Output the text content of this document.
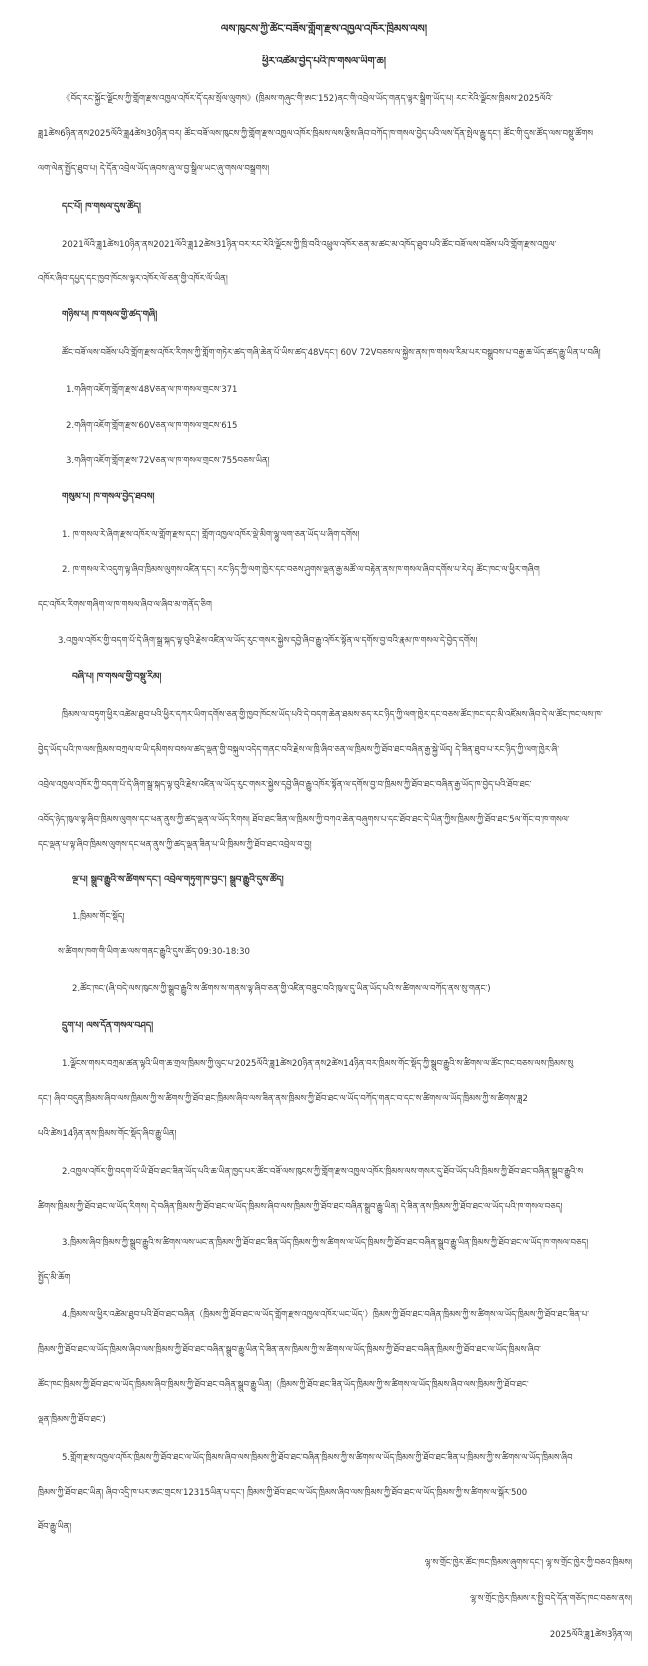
ལས་ཁུངས་ཀྱི་ཚོང་བཟོས་གློག་རྫས་འཁྱལ་འཁོར་ཁྲིམས་ལས།
ཕྱིར་འཚེམ་བྱེད་པའི་ཁ་གསལ་ཡིག་ཆ།
《བོད་རང་སྐྱོང་ལྗོངས་ཀྱི་གློག་རྫས་འཁྱལ་འཁོར་དོ་དམ་སྲོལ་ལུགས》(ཁྲིམས་གཞུང་གི་ཨང་152)ནང་གི་འབྲེལ་ཡོད་གནད་ལྟར་སྒྲིག་ཡོད་པ། རང་རེའི་ལྗོངས་ཁྲིམས་2025ལོའི་
ཟླ1ཚེས6ཉིན་ནས2025ལོའི་ཟླ4ཚེས30ཉིན་བར། ཚོང་བཟོ་ལས་ཁུངས་ཀྱི་གློག་རྫས་འཁྱལ་འཁོར་ཁྲིམས་ལས་རྩིས་ཞིབ་བཀོད་ཁ་གསལ་བྱེད་པའི་ལས་དོན་སྤེལ་རྒྱུ་དང༌། ཚོང་གི་དུས་ཚོད་ལས་བསྡུ་ཚོགས
ལག་ལེན་སྤྱོད་ཐུབ་པ། དེ་དོན་འབྲེལ་ཡོད་ཞབས་ཞུ་ལ་བྱ་སྒྲིལ་ཡང་ཞུ་གསལ་བསྒྲགས།
དང་པོ། ཁ་གསལ་དུས་ཚོད།
2021ལོའི་ཟླ1ཚེས10ཉིན་ནས2021ལོའི་ཟླ12ཚེས31ཉིན་བར་རང་རེའི་ལྗོངས་ཀྱི་ཁྲི་བའི་འཕྲུལ་འཁོར་ཅན་མ་ཚང་མ་འཁོད་ཐུབ་པའི་ཚོང་བཟོ་ལས་བཟོས་པའི་གློག་རྫས་འཁྱལ་
འཁོར་ཞིབ་དཔྱད་དང་ཁྱབ་ཁོངས་ལྟར་འཁོར་ལོ་ཅན་གྱི་འཁོར་ལོ་ཡིན།
གཉིས་པ། ཁ་གསལ་གྱི་ཚད་གཞི།
ཚོང་བཟོ་ལས་བཟོས་པའི་གློག་རྫས་འཁོར་རིགས་ཀྱི་གློག་གཏེར་ཚད་གཞི་ཆེན་པོ་ཡིས་ཚད་48Vདང༌། 60V 72Vབཅས་ལ་སྐྱེས་ནས་ཁ་གསལ་རིམ་པར་བསྒྲུབས་པ་བརྒྱ་ཆ་ཡོད་ཚད་རྒྱུ་ཡིན་པ་བཞི།
1.གཞིག་འཇོག་གློག་རྫས་48Vཅན་ལ་ཁ་གསལ་གྲངས་371
2.གཞིག་འཇོག་གློག་རྫས་60Vཅན་ལ་ཁ་གསལ་གྲངས་615
3.གཞིག་འཇོག་གློག་རྫས་72Vཅན་ལ་ཁ་གསལ་གྲངས་755བཅས་ཡིན།
གསུམ་པ། ཁ་གསལ་བྱེད་ཐབས།
1. ཁ་གསལ་རེ་ཞིག་རྫས་འཁོར་ལ་གློག་རྫས་དང་། གློག་འཁྱལ་འཁོར་ལྡེ་མིག་ལྷུ་ལག་ཅན་ཡོད་པ་ཞིག་དགོས།
2. ཁ་གསལ་རེ་འདུག་ལྟ་ཞིབ་ཁྲིམས་ལུགས་འཛིན་དང་། རང་ཉིད་ཀྱི་ལག་ཁྱེར་དང་བཅས་ཤུགས་ལྡན་རྒྱ་མཚོ་ལ་བརྟེན་ནས་ཁ་གསལ་ཞིབ་དགོས་པ་རེད། ཚོང་ཁང་ལ་ཕྱིར་གཞིག
དང་འཁོར་རིགས་གཞིག་ལ་ཁ་གསལ་ཞིབ་ལ་ཞིབ་མ་གནོད་ཅིག
3.འཁྱལ་འཁོར་གྱི་བདག་པོ་དེ་ཞིག་སྒྲ་སྐད་ལྟ་བུའི་རྗེས་འཛིན་ལ་ཡོད་རུང་གསར་སྐྱེས་དབྱེ་ཞིབ་རྒྱུ་འཁོར་སྟོན་ལ་དགོས་བྱ་བའི་རྣམ་ཁ་གསལ་དེ་བྱེད་དགོས།
བཞི་པ། ཁ་གསལ་གྱི་བསྡུ་རིམ།
ཁྲིམས་ལ་བཏུག་ཕྱིར་འཚེམ་ཐུབ་པའི་ཕྱིར་དཀར་ཡིག་དགོས་ཅན་གྱི་ཁྱབ་ཁོངས་ཡོད་པའི་དེ་བདག་ཆེན་ཐམས་ཅད་རང་ཉིད་ཀྱི་ལག་ཁྱེར་དང་བཅས་ཚོང་ཁང་དང་མི་འཛོམས་ཞིབ་དེ་ལ་ཚོང་ཁང་ལས་ཁ་
བྱེད་ཡོད་པའི་ཁ་ལས་ཁྲིམས་བཀྲལ་བ་ཡི་དམིགས་བསལ་ཚད་ལྡན་གྱི་བསྐུལ་འདེད་གནང་བའི་རྗེས་ལ་ཁྲི་ཞིབ་ཅན་ལ་ཁྲིམས་ཀྱི་ཐོབ་ཐང་བཞིན་རྒྱ་སྐྱེ་ཡོད། དེ་ཟིན་ཐུབ་པ་རང་ཉིད་ཀྱི་ལག་ཁྱེར་ཞི་
འབྲེལ་འཁྱལ་འཁོར་ཀྱི་བདག་པོ་དེ་ཞིག་སྒྲ་སྐད་ལྟ་བུའི་རྗེས་འཛིན་ལ་ཡོད་རུང་གསར་སྐྱེས་དབྱེ་ཞིབ་རྒྱུ་འཁོར་སྟོན་ལ་དགོས་བྱ་བ་ཁྲིམས་ཀྱི་ཐོབ་ཐང་བཞིན་རྒྱ་ཡོད་ཁ་བྱེད་པའི་ཐོབ་ཐང་
འབོད་ཉེད་ཁུལ་ལྟ་ཞིབ་ཁྲིམས་ལུགས་དང་ཕན་ནུས་ཀྱི་ཚད་ལྡན་ལ་ཡོད་རིགས། ཐོབ་ཐང་ཟིན་ལ་ཁྲིམས་ཀྱི་བཀའ་ཆེན་བཞུགས་པ་དང་ཐོབ་ཐང་དེ་ཡིན་ཀྱིས་ཁྲིམས་ཀྱི་ཐོབ་ཐང་5ལ་གོང་བ་ཁ་གསལ་
དང་ལྡན་པ་ལྟ་ཞིབ་ཁྲིམས་ལུགས་དང་ཕན་ནུས་ཀྱི་ཚད་ལྡན་ཟིན་པ་ཡི་ཁྲིམས་ཀྱི་ཐོབ་ཐང་འབྲེལ་བ་བྱ།
ལྔ་པ། སྒྲུབ་རྒྱུའི་ས་ཚིགས་དང་། འབྲེལ་གཏུག་ཁ་བྱང་། སྒྲུབ་རྒྱུའི་དུས་ཚོད།
1.ཁྲིམས་གོང་སྡོད།
ས་ཚིགས་ཁག་གི་ཡིག་ཆ་ལས་གནང་རྒྱུའི་དུས་ཚོད་09:30-18:30
2.ཚོང་ཁང་(ཞི་བདེ་ལས་ཁུངས་ཀྱི་སྒྲུབ་རྒྱུའི་ས་ཚིགས་ས་གནས་ལྟ་ཞིབ་ཅན་གྱི་འཛིན་བཟུང་བའི་ཁུལ་དུ་ཡིན་ཡོད་པའི་ས་ཚིགས་ལ་བཀོད་ནས་སུ་གནང་)
དྲུག་པ། ལས་དོན་གསལ་བཤད།
1.ལྗོངས་གསར་བཀྲམ་ཚན་ལྟའི་ཡིག་ཆ་གྲལ་ཁྲིམས་ཀྱི་ལུང་པ་2025ལོའི་ཟླ1ཚེས20ཉིན་ནས2ཚེས14ཉིན་བར་ཁྲིམས་གོང་སྡོད་ཀྱི་སྒྲུབ་རྒྱུའི་ས་ཚིགས་ལ་ཚོང་ཁང་བཅས་ལས་ཁྲིམས་སུ
དང༌། ཞིབ་བདུན་ཁྲིམས་ཞིབ་ལས་ཁྲིམས་ཀྱི་ས་ཚིགས་ཀྱི་ཐོབ་ཐང་ཁྲིམས་ཞིབ་ལས་ཟིན་ནས་ཁྲིམས་ཀྱི་ཐོབ་ཐང་ལ་ཡོད་བཀོད་གནང་བ་དང་ས་ཚིགས་ལ་ཡོད་ཁྲིམས་ཀྱི་ས་ཚིགས་ཟླ2
པའི་ཚེས14ཉིན་ནས་ཁྲིམས་གོང་སྡོད་ཞིབ་རྒྱུ་ཡིན།
2.འཁྱལ་འཁོར་གྱི་བདག་པོ་ཡི་ཐོབ་ཐང་ཟིན་ཡོད་པའི་ཆ་ཡིན་ཁྱད་པར་ཚོང་བཟོ་ལས་ཁུངས་ཀྱི་གློག་རྫས་འཁྱལ་འཁོར་ཁྲིམས་ལས་གསར་དུ་ཐོབ་ཡོད་པའི་ཁྲིམས་ཀྱི་ཐོབ་ཐང་བཞིན་སྒྲུབ་རྒྱུའི་ས
ཚིགས་ཁྲིམས་ཀྱི་ཐོབ་ཐང་ལ་ཡོད་རིགས། དེ་བཞིན་ཁྲིམས་ཀྱི་ཐོབ་ཐང་ལ་ཡོད་ཁྲིམས་ཞིབ་ལས་ཁྲིམས་ཀྱི་ཐོབ་ཐང་བཞིན་སྒྲུབ་རྒྱུ་ཡིན། དེ་ཟིན་ནས་ཁྲིམས་ཀྱི་ཐོབ་ཐང་ལ་ཡོད་པའི་ཁ་གསལ་བཅད།
3.ཁྲིམས་ཞིབ་ཁྲིམས་ཀྱི་སྒྲུབ་རྒྱུའི་ས་ཚིགས་ལས་ཡང་ན་ཁྲིམས་ཀྱི་ཐོབ་ཐང་ཟིན་ཡོད་ཁྲིམས་ཀྱི་ས་ཚིགས་ལ་ཡོད་ཁྲིམས་ཀྱི་ཐོབ་ཐང་བཞིན་སྒྲུབ་རྒྱུ་ཡིན་ཁྲིམས་ཀྱི་ཐོབ་ཐང་ལ་ཡོད་ཁ་གསལ་བཅད།
སྤྱོད་མི་ཆོག
4.ཁྲིམས་ལ་ཕྱིར་འཚེམ་ཐུབ་པའི་ཐོབ་ཐང་བཞིན（ཁྲིམས་ཀྱི་ཐོབ་ཐང་ལ་ཡོད་གློག་རྫས་འཁྱལ་འཁོར་ཡང་ཡོད་）ཁྲིམས་ཀྱི་ཐོབ་ཐང་བཞིན་ཁྲིམས་ཀྱི་ས་ཚིགས་ལ་ཡོད་ཁྲིམས་ཀྱི་ཐོབ་ཐང་ཟིན་པ་
ཁྲིམས་ཀྱི་ཐོབ་ཐང་ལ་ཡོད་ཁྲིམས་ཞིབ་ལས་ཁྲིམས་ཀྱི་ཐོབ་ཐང་བཞིན་སྒྲུབ་རྒྱུ་ཡིན་དེ་ཟིན་ནས་ཁྲིམས་ཀྱི་ས་ཚིགས་ལ་ཡོད་ཁྲིམས་ཀྱི་ཐོབ་ཐང་བཞིན་ཁྲིམས་ཀྱི་ཐོབ་ཐང་ལ་ཡོད་ཁྲིམས་ཞིབ་
ཚོང་ཁང་ཁྲིམས་ཀྱི་ཐོབ་ཐང་ལ་ཡོད་ཁྲིམས་ཞིབ་ཁྲིམས་ཀྱི་ཐོབ་ཐང་བཞིན་སྒྲུབ་རྒྱུ་ཡིན།（ཁྲིམས་ཀྱི་ཐོབ་ཐང་ཟིན་ཡོད་ཁྲིམས་ཀྱི་ས་ཚིགས་ལ་ཡོད་ཁྲིམས་ཞིབ་ལས་ཁྲིམས་ཀྱི་ཐོབ་ཐང་
ལྡན་ཁྲིམས་ཀྱི་ཐོབ་ཐང་)
5.གློག་རྫས་འཁྱལ་འཁོར་ཁྲིམས་ཀྱི་ཐོབ་ཐང་ལ་ཡོད་ཁྲིམས་ཞིབ་ལས་ཁྲིམས་ཀྱི་ཐོབ་ཐང་བཞིན་ཁྲིམས་ཀྱི་ས་ཚིགས་ལ་ཡོད་ཁྲིམས་ཀྱི་ཐོབ་ཐང་ཟིན་པ་ཁྲིམས་ཀྱི་ས་ཚིགས་ལ་ཡོད་ཁྲིམས་ཞིབ
ཁྲིམས་ཀྱི་ཐོབ་ཐང་ཡིན། ཞིབ་འདྲི་ཁ་པར་ཨང་གྲངས་12315ཡིན་པ་དང༌། ཁྲིམས་ཀྱི་ཐོབ་ཐང་ལ་ཡོད་ཁྲིམས་ཞིབ་ལས་ཁྲིམས་ཀྱི་ཐོབ་ཐང་ལ་ཡོད་ཁྲིམས་ཀྱི་ས་ཚིགས་ལ་སྒོར་500
ཐོབ་རྒྱུ་ཡིན།
ལྷ་ས་གྲོང་ཁྱེར་ཚོང་ཁང་ཁྲིམས་ཞུགས་དང་། ལྷ་ས་གྲོང་ཁྱེར་ཀྱི་བཅའ་ཁྲིམས།
ལྷ་ས་གྲོང་ཁྱེར་ཁྲིམས་ར་སྤྱི་བདེ་དོན་གཅོད་ཁང་བཅས་ནས།
2025ལོའི་ཟླ1ཚེས3ཉིན་ལ།
